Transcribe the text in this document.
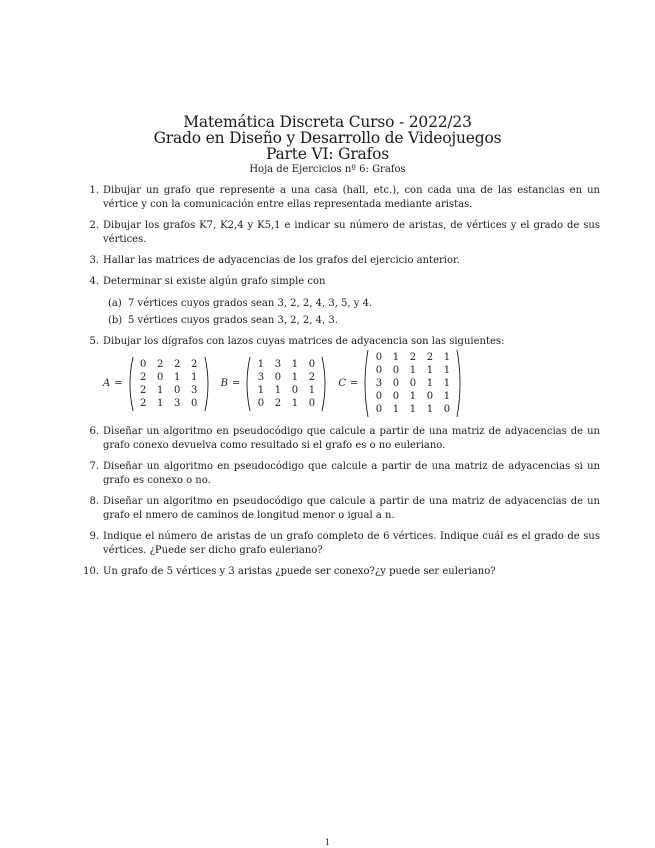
Matemática Discreta Curso - 2022/23
Grado en Diseño y Desarrollo de Videojuegos
Parte VI: Grafos
Hoja de Ejercicios nº 6: Grafos
1. Dibujar un grafo que represente a una casa (hall, etc.), con cada una de las estancias en un vértice y con la comunicación entre ellas representada mediante aristas.
2. Dibujar los grafos K7, K2,4 y K5,1 e indicar su número de aristas, de vértices y el grado de sus vértices.
3. Hallar las matrices de adyacencias de los grafos del ejercicio anterior.
4. Determinar si existe algún grafo simple con
(a) 7 vértices cuyos grados sean 3, 2, 2, 4, 3, 5, y 4.
(b) 5 vértices cuyos grados sean 3, 2, 2, 4, 3.
5. Dibujar los dígrafos con lazos cuyas matrices de adyacencia son las siguientes:
A =
0	2	2	2
2	0	1	1
2	1	0	3
2	1	3	0
B =
1	3	1	0
3	0	1	2
1	1	0	1
0	2	1	0
C =
0	1	2	2	1
0	0	1	1	1
3	0	0	1	1
0	0	1	0	1
0	1	1	1	0
6. Diseñar un algoritmo en pseudocódigo que calcule a partir de una matriz de adyacencias de un grafo conexo devuelva como resultado si el grafo es o no euleriano.
7. Diseñar un algoritmo en pseudocódigo que calcule a partir de una matriz de adyacencias si un grafo es conexo o no.
8. Diseñar un algoritmo en pseudocódigo que calcule a partir de una matriz de adyacencias de un grafo el nmero de caminos de longitud menor o igual a n.
9. Indique el número de aristas de un grafo completo de 6 vértices. Indique cuál es el grado de sus vértices. ¿Puede ser dicho grafo euleriano?
10. Un grafo de 5 vértices y 3 aristas ¿puede ser conexo?¿y puede ser euleriano?
1
